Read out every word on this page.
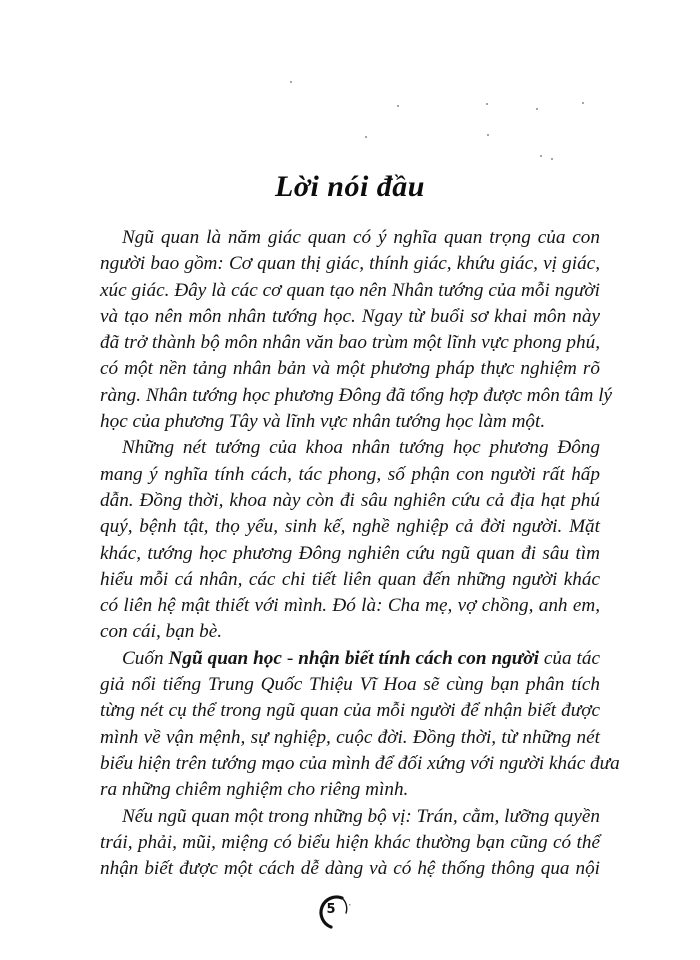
Lời nói đầu
Ngũ quan là năm giác quan có ý nghĩa quan trọng của con
người bao gồm: Cơ quan thị giác, thính giác, khứu giác, vị giác,
xúc giác. Đây là các cơ quan tạo nên Nhân tướng của mỗi người
và tạo nên môn nhân tướng học. Ngay từ buổi sơ khai môn này
đã trở thành bộ môn nhân văn bao trùm một lĩnh vực phong phú,
có một nền tảng nhân bản và một phương pháp thực nghiệm rõ
ràng. Nhân tướng học phương Đông đã tổng hợp được môn tâm lý
học của phương Tây và lĩnh vực nhân tướng học làm một.
Những nét tướng của khoa nhân tướng học phương Đông
mang ý nghĩa tính cách, tác phong, số phận con người rất hấp
dẫn. Đồng thời, khoa này còn đi sâu nghiên cứu cả địa hạt phú
quý, bệnh tật, thọ yểu, sinh kế, nghề nghiệp cả đời người. Mặt
khác, tướng học phương Đông nghiên cứu ngũ quan đi sâu tìm
hiểu mỗi cá nhân, các chi tiết liên quan đến những người khác
có liên hệ mật thiết với mình. Đó là: Cha mẹ, vợ chồng, anh em,
con cái, bạn bè.
Cuốn Ngũ quan học - nhận biết tính cách con người của tác
giả nổi tiếng Trung Quốc Thiệu Vĩ Hoa sẽ cùng bạn phân tích
từng nét cụ thể trong ngũ quan của mỗi người để nhận biết được
mình về vận mệnh, sự nghiệp, cuộc đời. Đồng thời, từ những nét
biểu hiện trên tướng mạo của mình để đối xứng với người khác đưa
ra những chiêm nghiệm cho riêng mình.
Nếu ngũ quan một trong những bộ vị: Trán, cằm, lưỡng quyền
trái, phải, mũi, miệng có biểu hiện khác thường bạn cũng có thể
nhận biết được một cách dễ dàng và có hệ thống thông qua nội
5
